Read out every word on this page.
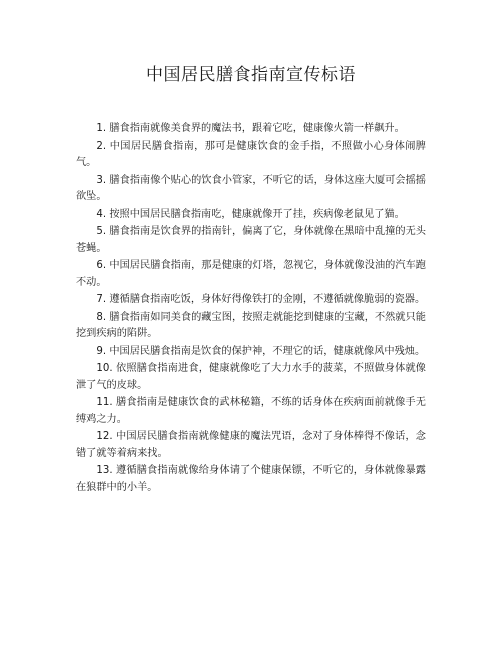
中国居民膳食指南宣传标语

1. 膳食指南就像美食界的魔法书，跟着它吃，健康像火箭一样飙升。

2. 中国居民膳食指南，那可是健康饮食的金手指，不照做小心身体闹脾气。

3. 膳食指南像个贴心的饮食小管家，不听它的话，身体这座大厦可会摇摇欲坠。

4. 按照中国居民膳食指南吃，健康就像开了挂，疾病像老鼠见了猫。

5. 膳食指南是饮食界的指南针，偏离了它，身体就像在黑暗中乱撞的无头苍蝇。

6. 中国居民膳食指南，那是健康的灯塔，忽视它，身体就像没油的汽车跑不动。

7. 遵循膳食指南吃饭，身体好得像铁打的金刚，不遵循就像脆弱的瓷器。

8. 膳食指南如同美食的藏宝图，按照走就能挖到健康的宝藏，不然就只能挖到疾病的陷阱。

9. 中国居民膳食指南是饮食的保护神，不理它的话，健康就像风中残烛。

10. 依照膳食指南进食，健康就像吃了大力水手的菠菜，不照做身体就像泄了气的皮球。

11. 膳食指南是健康饮食的武林秘籍，不练的话身体在疾病面前就像手无缚鸡之力。

12. 中国居民膳食指南就像健康的魔法咒语，念对了身体棒得不像话，念错了就等着病来找。

13. 遵循膳食指南就像给身体请了个健康保镖，不听它的，身体就像暴露在狼群中的小羊。
